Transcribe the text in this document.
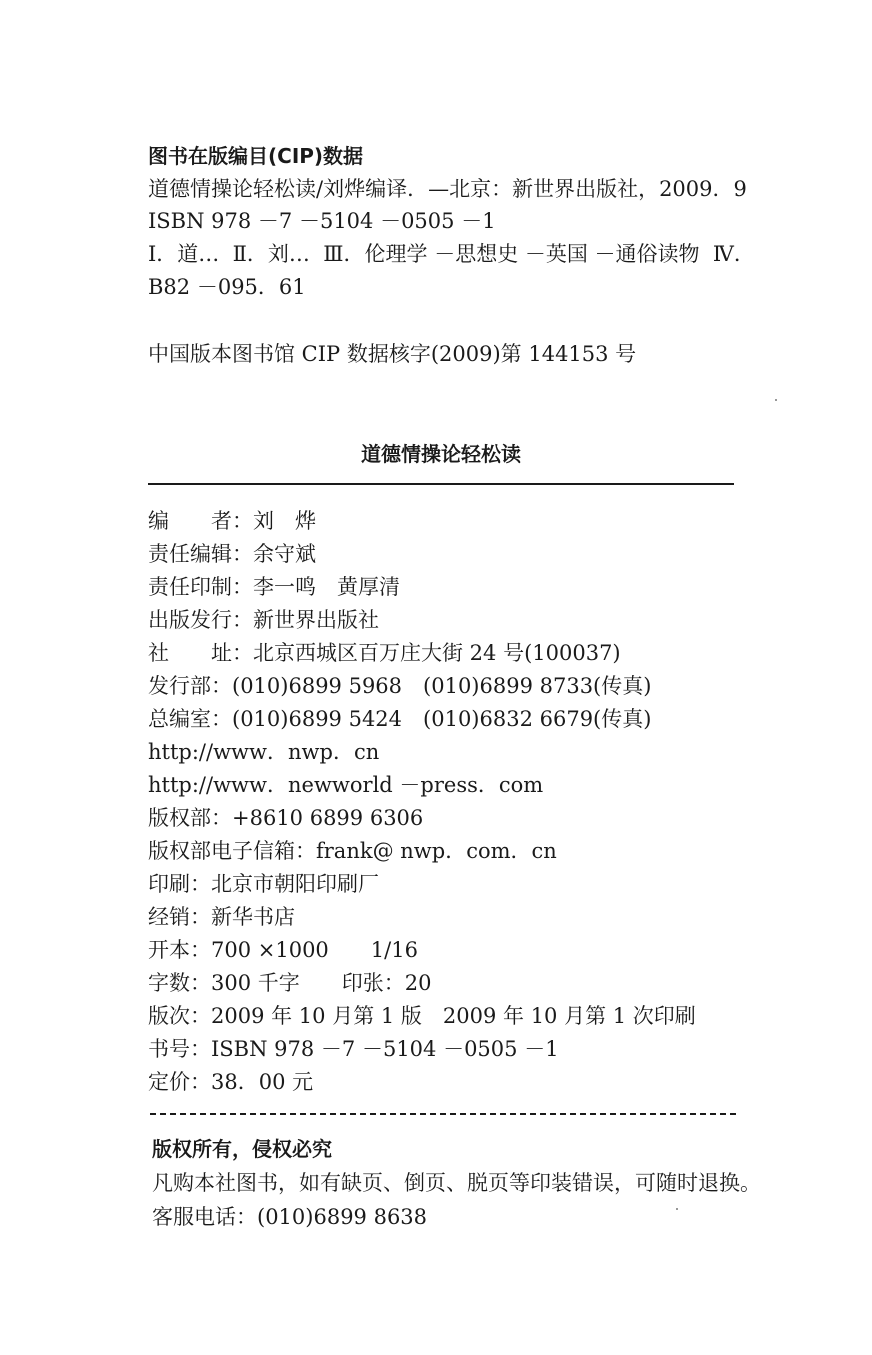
图书在版编目(CIP)数据
道德情操论轻松读/刘烨编译．—北京：新世界出版社，2009．9
ISBN 978 －7 －5104 －0505 －1
Ⅰ．道…  Ⅱ．刘…  Ⅲ．伦理学 －思想史 －英国 －通俗读物  Ⅳ．
B82 －095．61
中国版本图书馆 CIP 数据核字(2009)第 144153 号
道德情操论轻松读
编　　者：刘　烨
责任编辑：余守斌
责任印制：李一鸣　黄厚清
出版发行：新世界出版社
社　　址：北京西城区百万庄大街 24 号(100037)
发行部：(010)6899 5968　(010)6899 8733(传真)
总编室：(010)6899 5424　(010)6832 6679(传真)
http://www．nwp．cn
http://www．newworld －press．com
版权部：+8610 6899 6306
版权部电子信箱：frank@ nwp．com．cn
印刷：北京市朝阳印刷厂
经销：新华书店
开本：700 ×1000　　1/16
字数：300 千字　　印张：20
版次：2009 年 10 月第 1 版　2009 年 10 月第 1 次印刷
书号：ISBN 978 －7 －5104 －0505 －1
定价：38．00 元
版权所有，侵权必究
凡购本社图书，如有缺页、倒页、脱页等印装错误，可随时退换。
客服电话：(010)6899 8638
